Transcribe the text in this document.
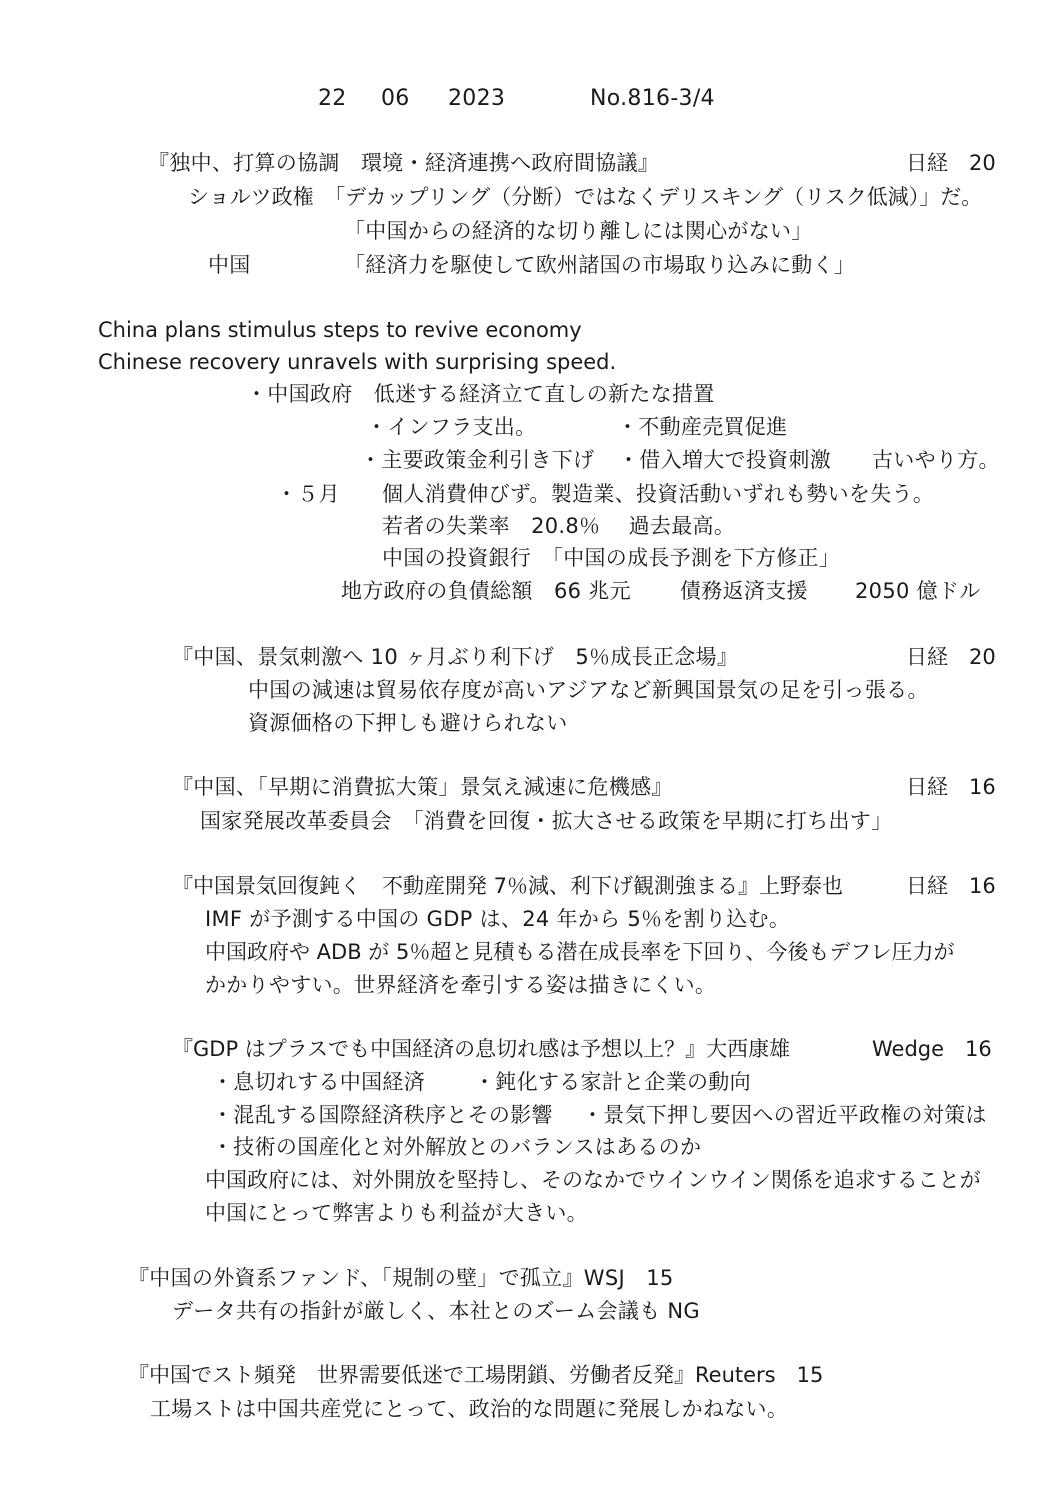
22 06 2023	No.816-3/4
『独中、打算の協調　環境・経済連携へ政府間協議』	日経　20
ショルツ政権　「デカップリング（分断）ではなくデリスキング（リスク低減）」だ。
「中国からの経済的な切り離しには関心がない」
中国	「経済力を駆使して欧州諸国の市場取り込みに動く」
China plans stimulus steps to revive economy
Chinese recovery unravels with surprising speed.
・中国政府　低迷する経済立て直しの新たな措置
・インフラ支出。	・不動産売買促進
・主要政策金利引き下げ ・借入増大で投資刺激 古いやり方。
・５月 個人消費伸びず。製造業、投資活動いずれも勢いを失う。
若者の失業率　20.8％　 過去最高。
中国の投資銀行　「中国の成長予測を下方修正」
地方政府の負債総額　66 兆元 債務返済支援 2050 億ドル
『中国、景気刺激へ 10 ヶ月ぶり利下げ　5％成長正念場』	日経　20
中国の減速は貿易依存度が高いアジアなど新興国景気の足を引っ張る。
資源価格の下押しも避けられない
『中国、「早期に消費拡大策」景気え減速に危機感』	日経　16
国家発展改革委員会　「消費を回復・拡大させる政策を早期に打ち出す」
『中国景気回復鈍く　不動産開発 7％減、利下げ観測強まる』上野泰也	日経　16
IMF が予測する中国の GDP は、24 年から 5％を割り込む。
中国政府や ADB が 5％超と見積もる潜在成長率を下回り、今後もデフレ圧力が
かかりやすい。世界経済を牽引する姿は描きにくい。
『GDP はプラスでも中国経済の息切れ感は予想以上？』大西康雄	Wedge　16
・息切れする中国経済 ・鈍化する家計と企業の動向
・混乱する国際経済秩序とその影響 ・景気下押し要因への習近平政権の対策は
・技術の国産化と対外解放とのバランスはあるのか
中国政府には、対外開放を堅持し、そのなかでウインウイン関係を追求することが
中国にとって弊害よりも利益が大きい。
『中国の外資系ファンド、「規制の壁」で孤立』WSJ　15
データ共有の指針が厳しく、本社とのズーム会議も NG
『中国でスト頻発　世界需要低迷で工場閉鎖、労働者反発』Reuters　15
工場ストは中国共産党にとって、政治的な問題に発展しかねない。
